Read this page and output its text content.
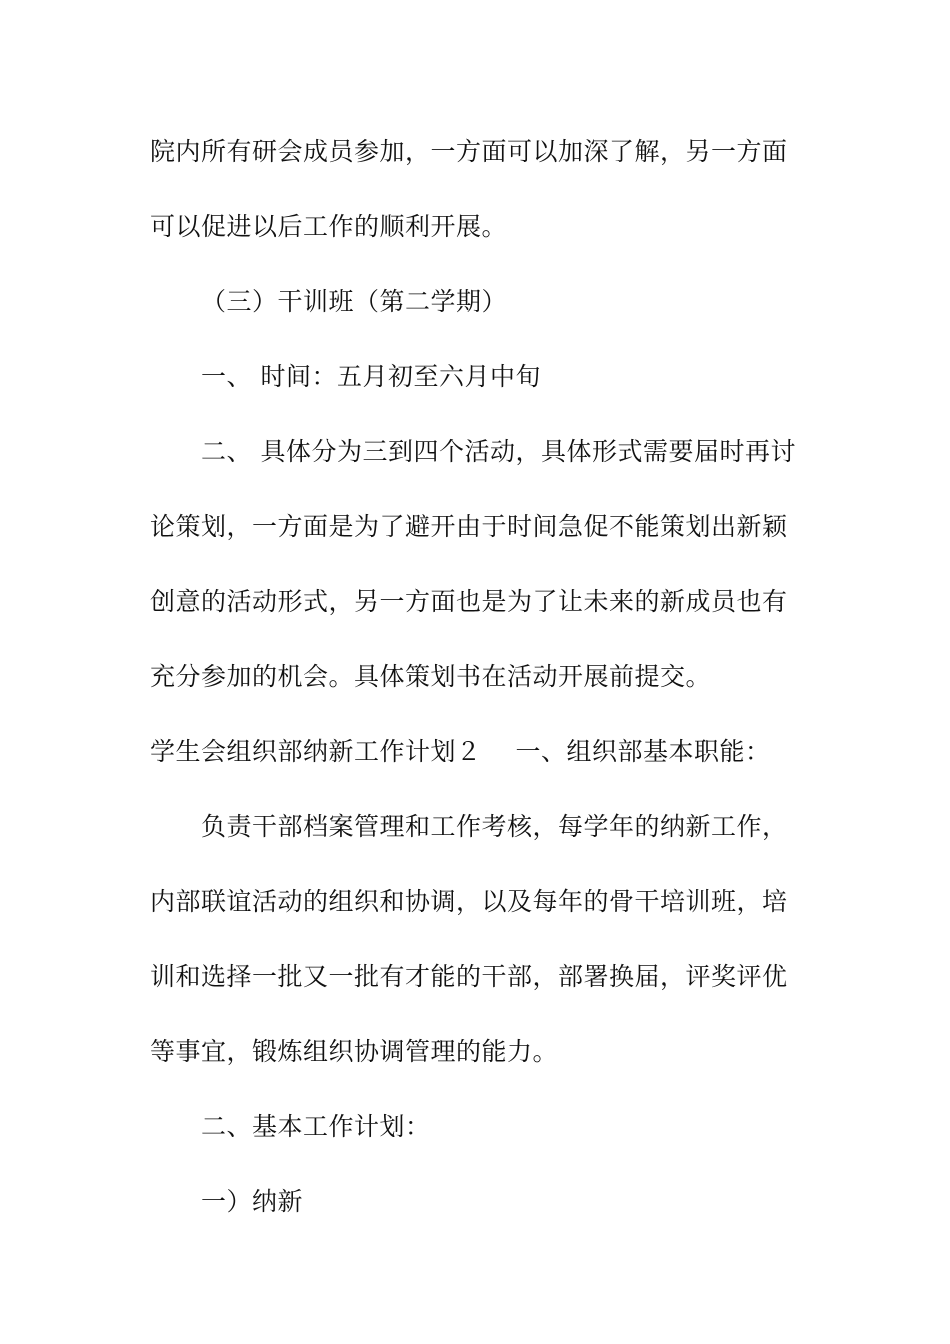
院内所有研会成员参加，一方面可以加深了解，另一方面
可以促进以后工作的顺利开展。
（三）干训班（第二学期）
一、 时间：五月初至六月中旬
二、 具体分为三到四个活动，具体形式需要届时再讨
论策划，一方面是为了避开由于时间急促不能策划出新颖
创意的活动形式，另一方面也是为了让未来的新成员也有
充分参加的机会。具体策划书在活动开展前提交。
学生会组织部纳新工作计划２ 一、组织部基本职能：
负责干部档案管理和工作考核，每学年的纳新工作，
内部联谊活动的组织和协调，以及每年的骨干培训班，培
训和选择一批又一批有才能的干部，部署换届，评奖评优
等事宜，锻炼组织协调管理的能力。
二、基本工作计划：
一）纳新
